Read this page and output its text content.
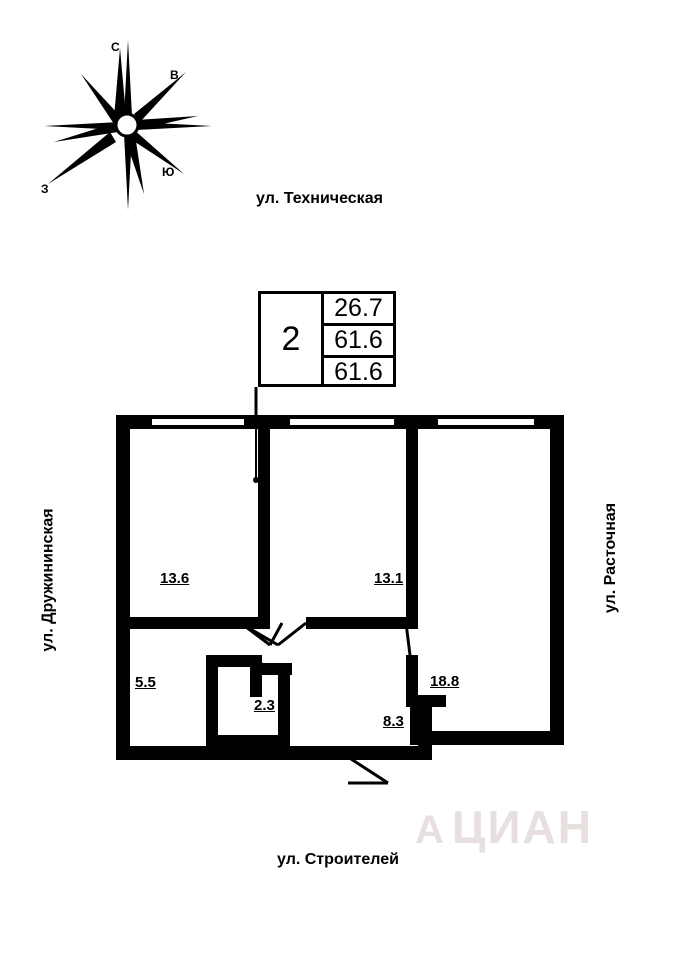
С
В
Ю
З
ул. Техническая
ул. Строителей
ул. Дружининская	ул. Расточная
2
26.7
61.6
61.6
13.6	13.1
5.5
2.3
18.8
8.3
А ЦИАН
